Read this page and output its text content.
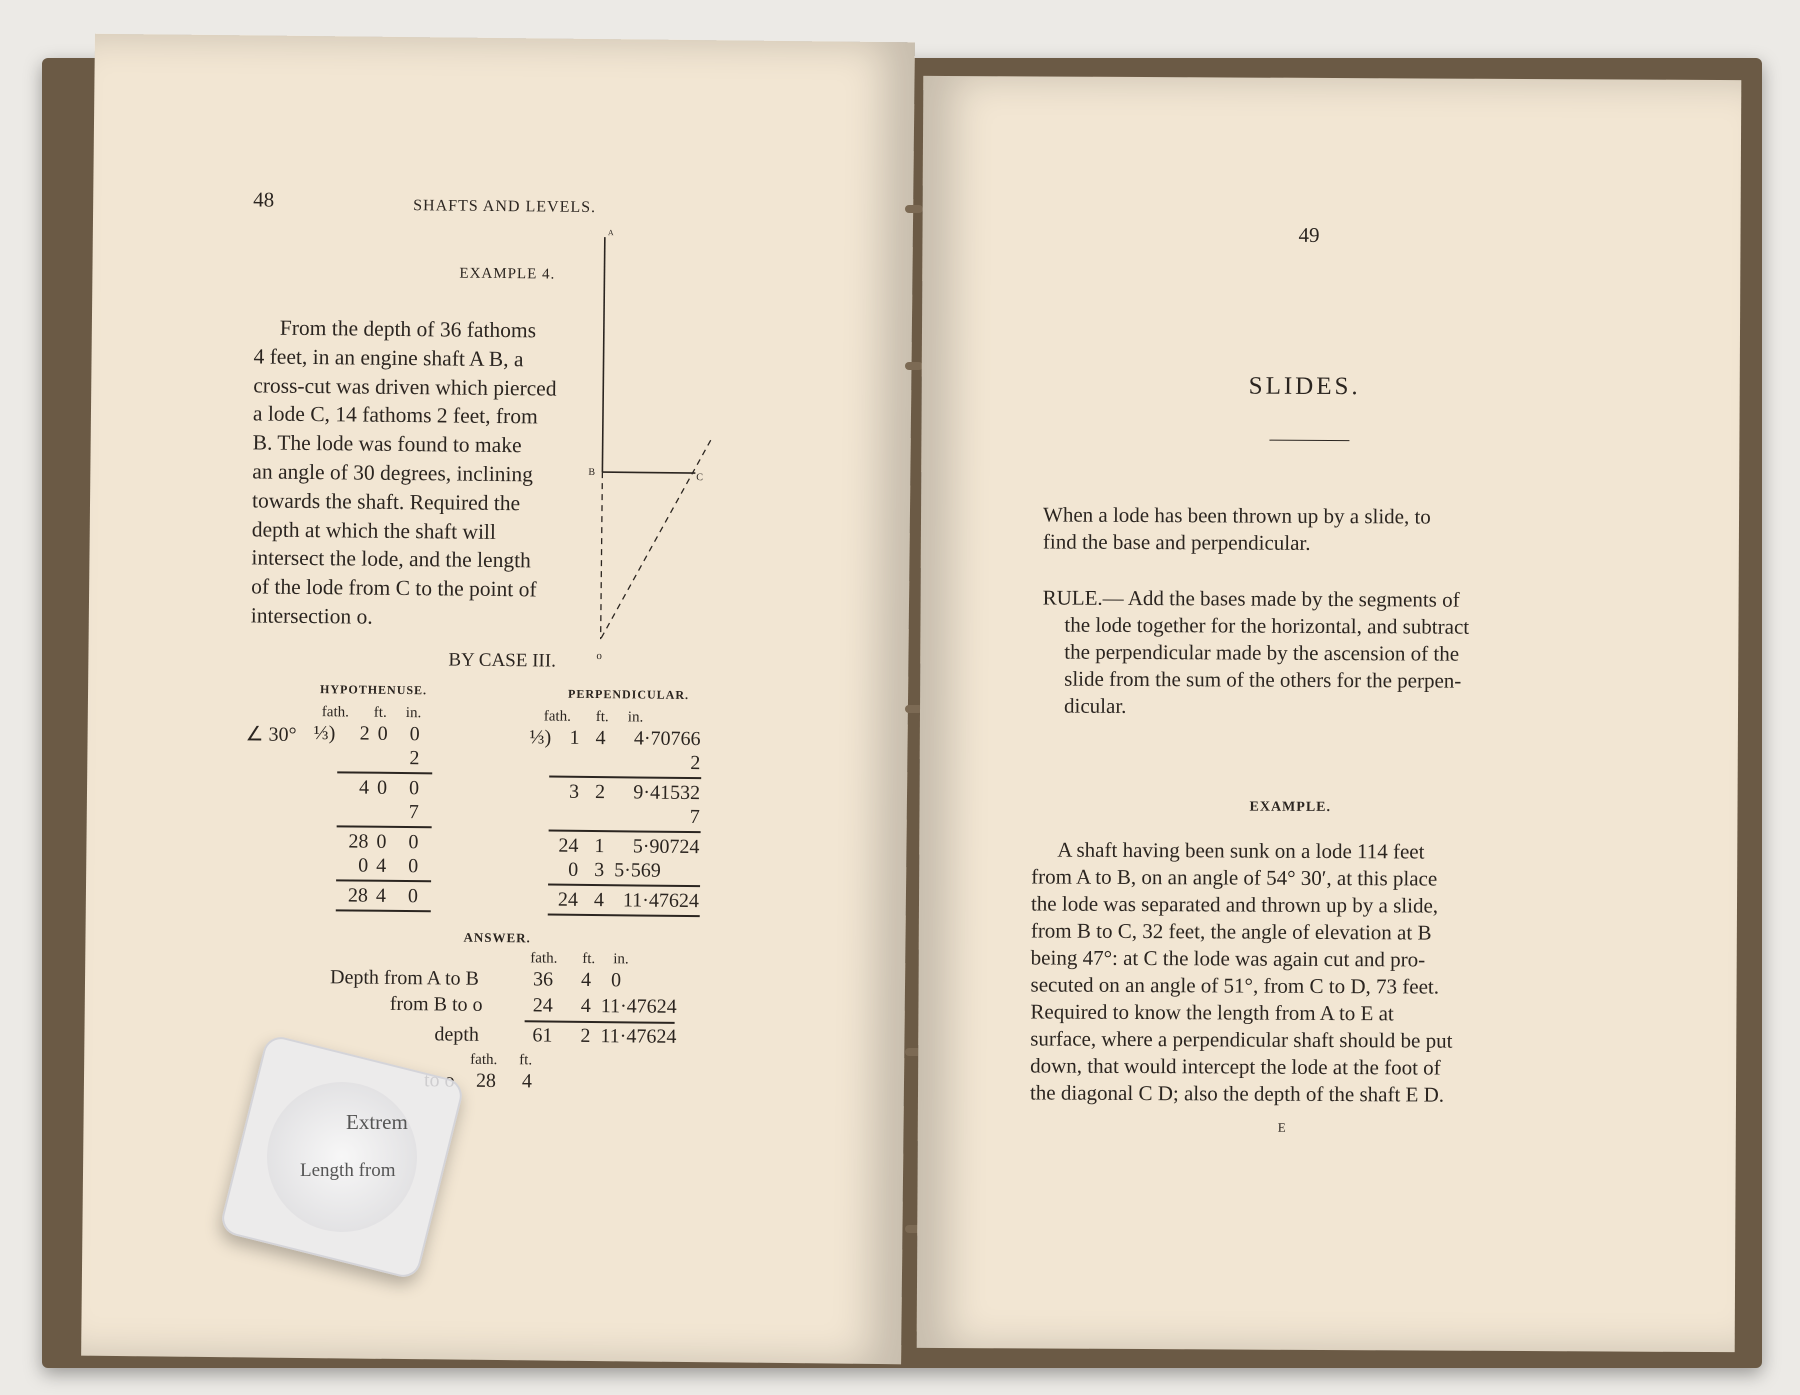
48	SHAFTS AND LEVELS.
EXAMPLE 4.
From the depth of 36 fathoms
4 feet, in an engine shaft A B, a
cross-cut was driven which pierced
a lode C, 14 fathoms 2 feet, from
B. The lode was found to make
an angle of 30 degrees, inclining
towards the shaft. Required the
depth at which the shaft will
intersect the lode, and the length
of the lode from C to the point of
intersection o.
A
B	C
o
BY CASE III.
HYPOTHENUSE.
fath. ft. in.
∠ 30° ⅓)	2 0 0
2
4 0 0
7
28 0 0
0 4 0
28 4 0
PERPENDICULAR.
fath. ft. in.
⅓) 1 4	4·70766
2
3 2	9·41532
7
24 1	5·90724
0 3 5·569
24 4 11·47624
ANSWER.
fath. ft. in.
Depth from A to B	36 4 0
from B to o 24 4 11·47624
depth	61 2 11·47624
fath. ft.
28 4
Extrem
Length from
49
SLIDES.
When a lode has been thrown up by a slide, to
find the base and perpendicular.
RULE.— Add the bases made by the segments of
the lode together for the horizontal, and subtract
the perpendicular made by the ascension of the
slide from the sum of the others for the perpen-
dicular.
EXAMPLE.
A shaft having been sunk on a lode 114 feet
from A to B, on an angle of 54° 30′, at this place
the lode was separated and thrown up by a slide,
from B to C, 32 feet, the angle of elevation at B
being 47°: at C the lode was again cut and pro-
secuted on an angle of 51°, from C to D, 73 feet.
Required to know the length from A to E at
surface, where a perpendicular shaft should be put
down, that would intercept the lode at the foot of
the diagonal C D; also the depth of the shaft E D.
E
